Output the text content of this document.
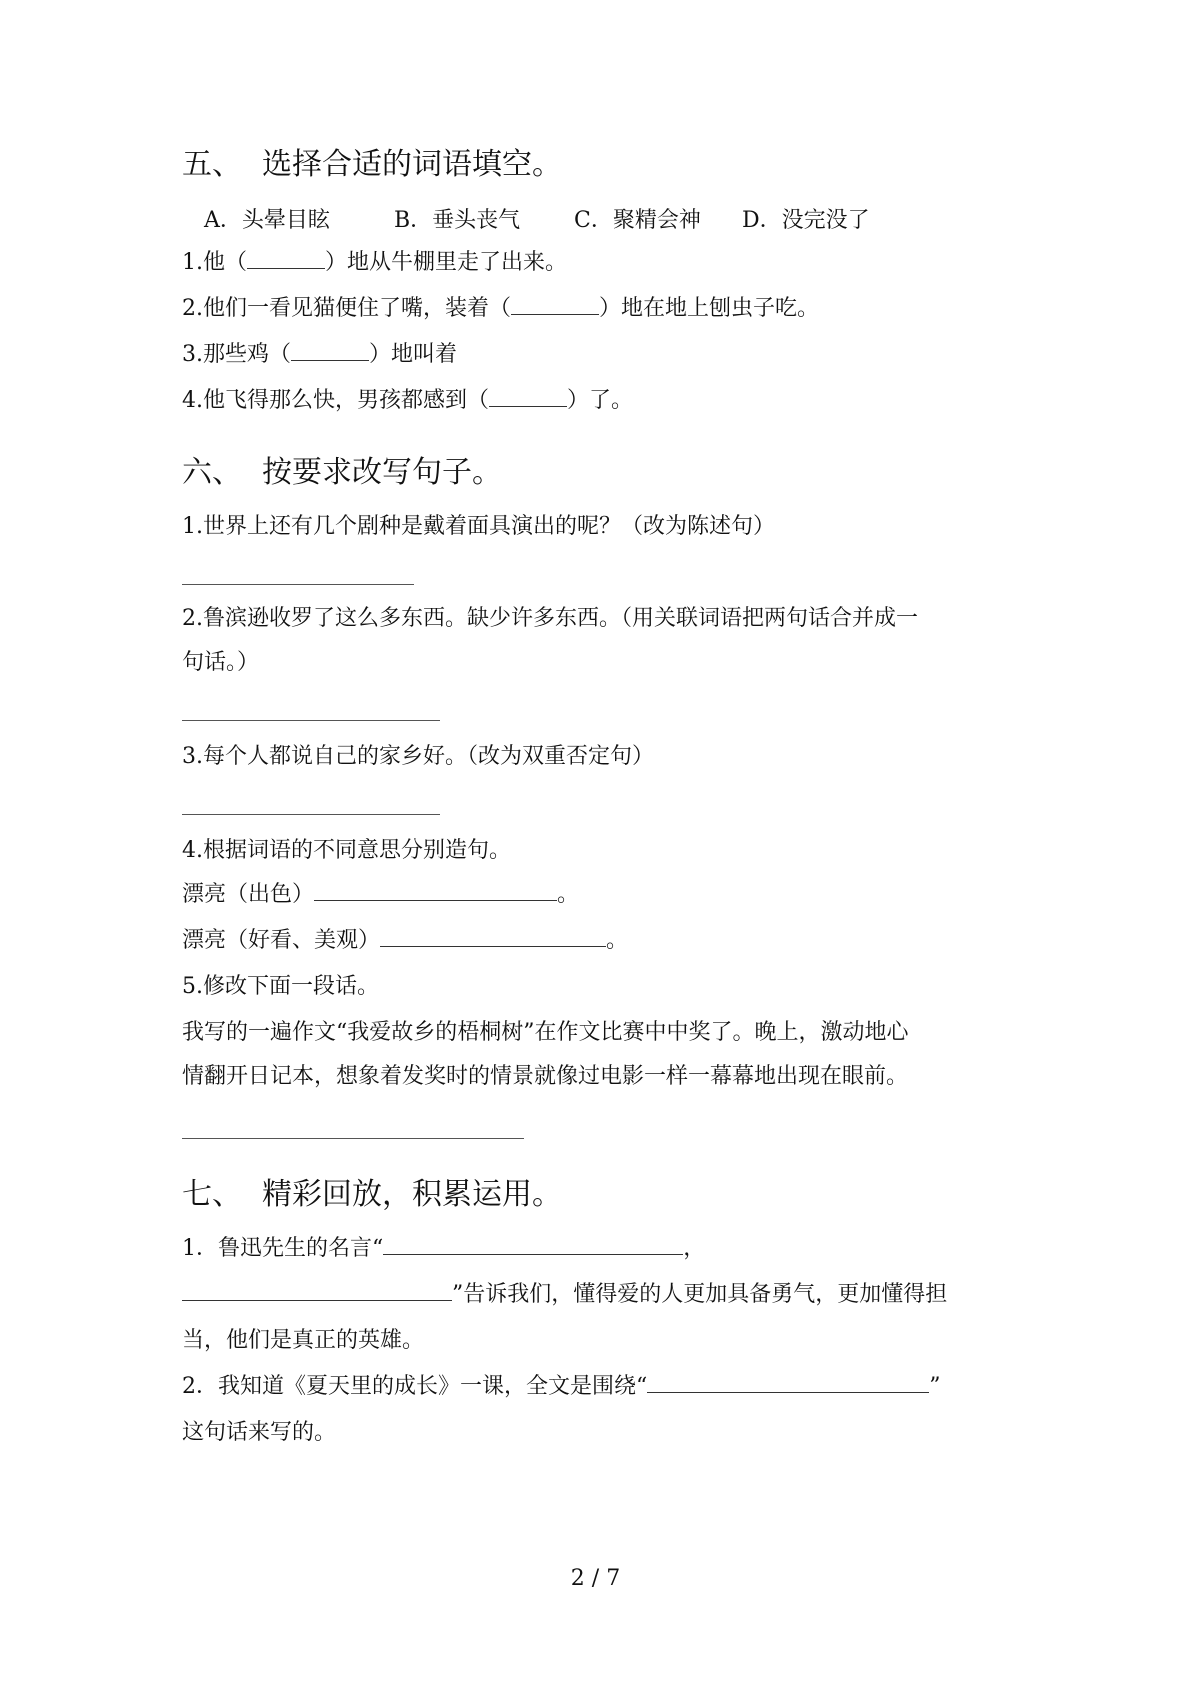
五、 选择合适的词语填空。

A．头晕目眩	B．垂头丧气 C．聚精会神 D．没完没了

1.他（	）地从牛棚里走了出来。

2.他们一看见猫便住了嘴，装着（	）地在地上刨虫子吃。

3.那些鸡（	）地叫着

4.他飞得那么快，男孩都感到（	）了。

六、 按要求改写句子。

1.世界上还有几个剧种是戴着面具演出的呢？（改为陈述句）

2.鲁滨逊收罗了这么多东西。缺少许多东西。（用关联词语把两句话合并成一

句话。）

3.每个人都说自己的家乡好。（改为双重否定句）

4.根据词语的不同意思分别造句。

漂亮（出色）	。

漂亮（好看、美观）	。

5.修改下面一段话。

我写的一遍作文“我爱故乡的梧桐树”在作文比赛中中奖了。晚上，激动地心

情翻开日记本，想象着发奖时的情景就像过电影一样一幕幕地出现在眼前。

七、 精彩回放，积累运用。

1．鲁迅先生的名言“	，

”告诉我们，懂得爱的人更加具备勇气，更加懂得担

当，他们是真正的英雄。

2．我知道《夏天里的成长》一课，全文是围绕“	”

这句话来写的。

2 / 7
